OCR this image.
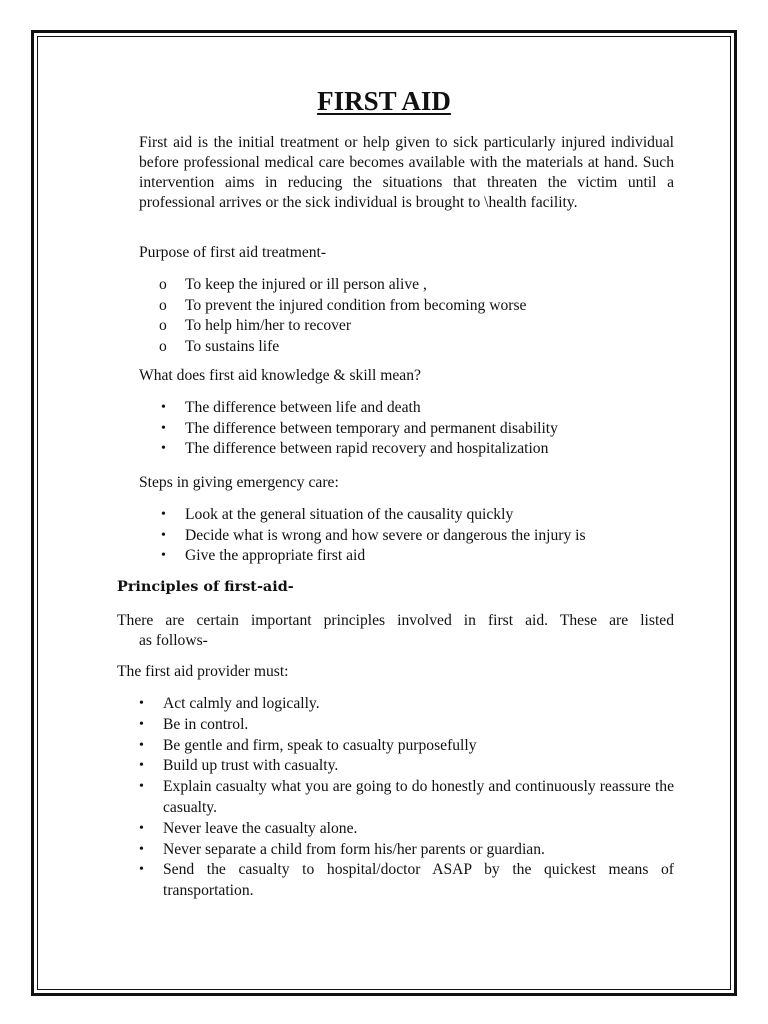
FIRST AID

First aid is the initial treatment or help given to sick particularly injured individual before professional medical care becomes available with the materials at hand. Such intervention aims in reducing the situations that threaten the victim until a professional arrives or the sick individual is brought to \health facility.

Purpose of first aid treatment-

o To keep the injured or ill person alive ,
o To prevent the injured condition from becoming worse
o To help him/her to recover
o To sustains life

What does first aid knowledge & skill mean?

• The difference between life and death
• The difference between temporary and permanent disability
• The difference between rapid recovery and hospitalization

Steps in giving emergency care:

• Look at the general situation of the causality quickly
• Decide what is wrong and how severe or dangerous the injury is
• Give the appropriate first aid
Principles of first-aid-

There are certain important principles involved in first aid. These are listed
as follows-

The first aid provider must:

• Act calmly and logically.
• Be in control.
• Be gentle and firm, speak to casualty purposefully
• Build up trust with casualty.
• Explain casualty what you are going to do honestly and continuously reassure the casualty.
• Never leave the casualty alone.
• Never separate a child from form his/her parents or guardian.
• Send the casualty to hospital/doctor ASAP by the quickest means of transportation.
